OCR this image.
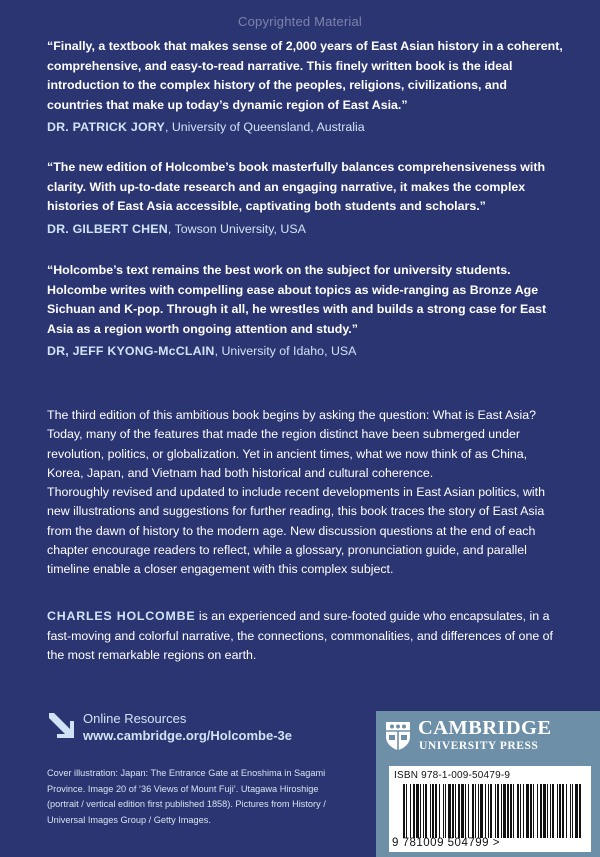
Copyrighted Material

“Finally, a textbook that makes sense of 2,000 years of East Asian history in a coherent, comprehensive, and easy-to-read narrative. This finely written book is the ideal introduction to the complex history of the peoples, religions, civilizations, and countries that make up today’s dynamic region of East Asia.”

DR. PATRICK JORY, University of Queensland, Australia

“The new edition of Holcombe’s book masterfully balances comprehensiveness with clarity. With up-to-date research and an engaging narrative, it makes the complex histories of East Asia accessible, captivating both students and scholars.”

DR. GILBERT CHEN, Towson University, USA

“Holcombe’s text remains the best work on the subject for university students. Holcombe writes with compelling ease about topics as wide-ranging as Bronze Age Sichuan and K-pop. Through it all, he wrestles with and builds a strong case for East Asia as a region worth ongoing attention and study.”

DR, JEFF KYONG-McCLAIN, University of Idaho, USA

The third edition of this ambitious book begins by asking the question: What is East Asia? Today, many of the features that made the region distinct have been submerged under revolution, politics, or globalization. Yet in ancient times, what we now think of as China, Korea, Japan, and Vietnam had both historical and cultural coherence.

Thoroughly revised and updated to include recent developments in East Asian politics, with new illustrations and suggestions for further reading, this book traces the story of East Asia from the dawn of history to the modern age. New discussion questions at the end of each chapter encourage readers to reflect, while a glossary, pronunciation guide, and parallel timeline enable a closer engagement with this complex subject.

CHARLES HOLCOMBE is an experienced and sure-footed guide who encapsulates, in a fast-moving and colorful narrative, the connections, commonalities, and differences of one of the most remarkable regions on earth.

Online Resources
www.cambridge.org/Holcombe-3e
Cover illustration: Japan: The Entrance Gate at Enoshima in Sagami Province. Image 20 of ‘36 Views of Mount Fuji’. Utagawa Hiroshige (portrait / vertical edition first published 1858). Pictures from History / Universal Images Group / Getty Images.
CAMBRIDGE
UNIVERSITY PRESS
ISBN 978-1-009-50479-9
9 781009 504799 >
